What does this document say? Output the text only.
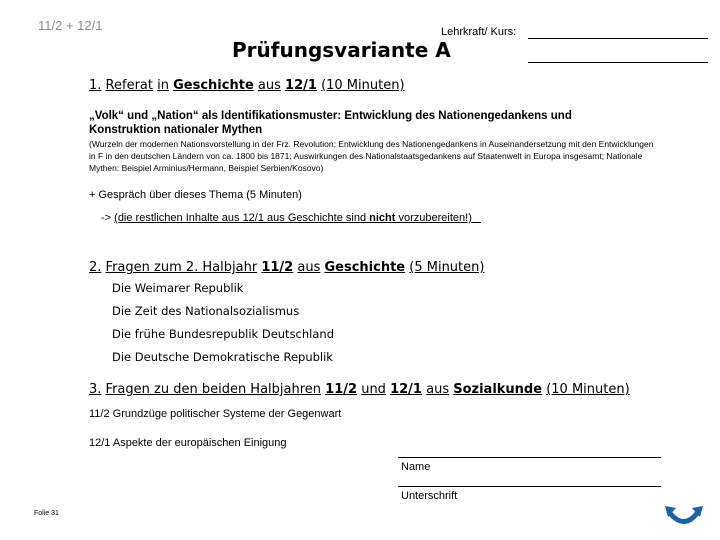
11/2 + 12/1
Prüfungsvariante A
Lehrkraft/ Kurs:
1. Referat in Geschichte aus 12/1 (10 Minuten)
„Volk“ und „Nation“ als Identifikationsmuster: Entwicklung des Nationengedankens und Konstruktion nationaler Mythen
(Wurzeln der modernen Nationsvorstellung in der Frz. Revolution; Entwicklung des Nationengedankens in Auseinandersetzung mit den Entwicklungen in F in den deutschen Ländern von ca. 1800 bis 1871; Auswirkungen des Nationalstaatsgedankens auf Staatenwelt in Europa insgesamt; Nationale Mythen: Beispiel Arminius/Hermann, Beispiel Serbien/Kosovo)
+ Gespräch über dieses Thema (5 Minuten)
-> (die restlichen Inhalte aus 12/1 aus Geschichte sind nicht vorzubereiten!)
2. Fragen zum 2. Halbjahr 11/2 aus Geschichte (5 Minuten)
Die Weimarer Republik
Die Zeit des Nationalsozialismus
Die frühe Bundesrepublik Deutschland
Die Deutsche Demokratische Republik
3. Fragen zu den beiden Halbjahren 11/2 und 12/1 aus Sozialkunde (10 Minuten)
11/2 Grundzüge politischer Systeme der Gegenwart
12/1 Aspekte der europäischen Einigung
Name
Unterschrift
Folie 31
